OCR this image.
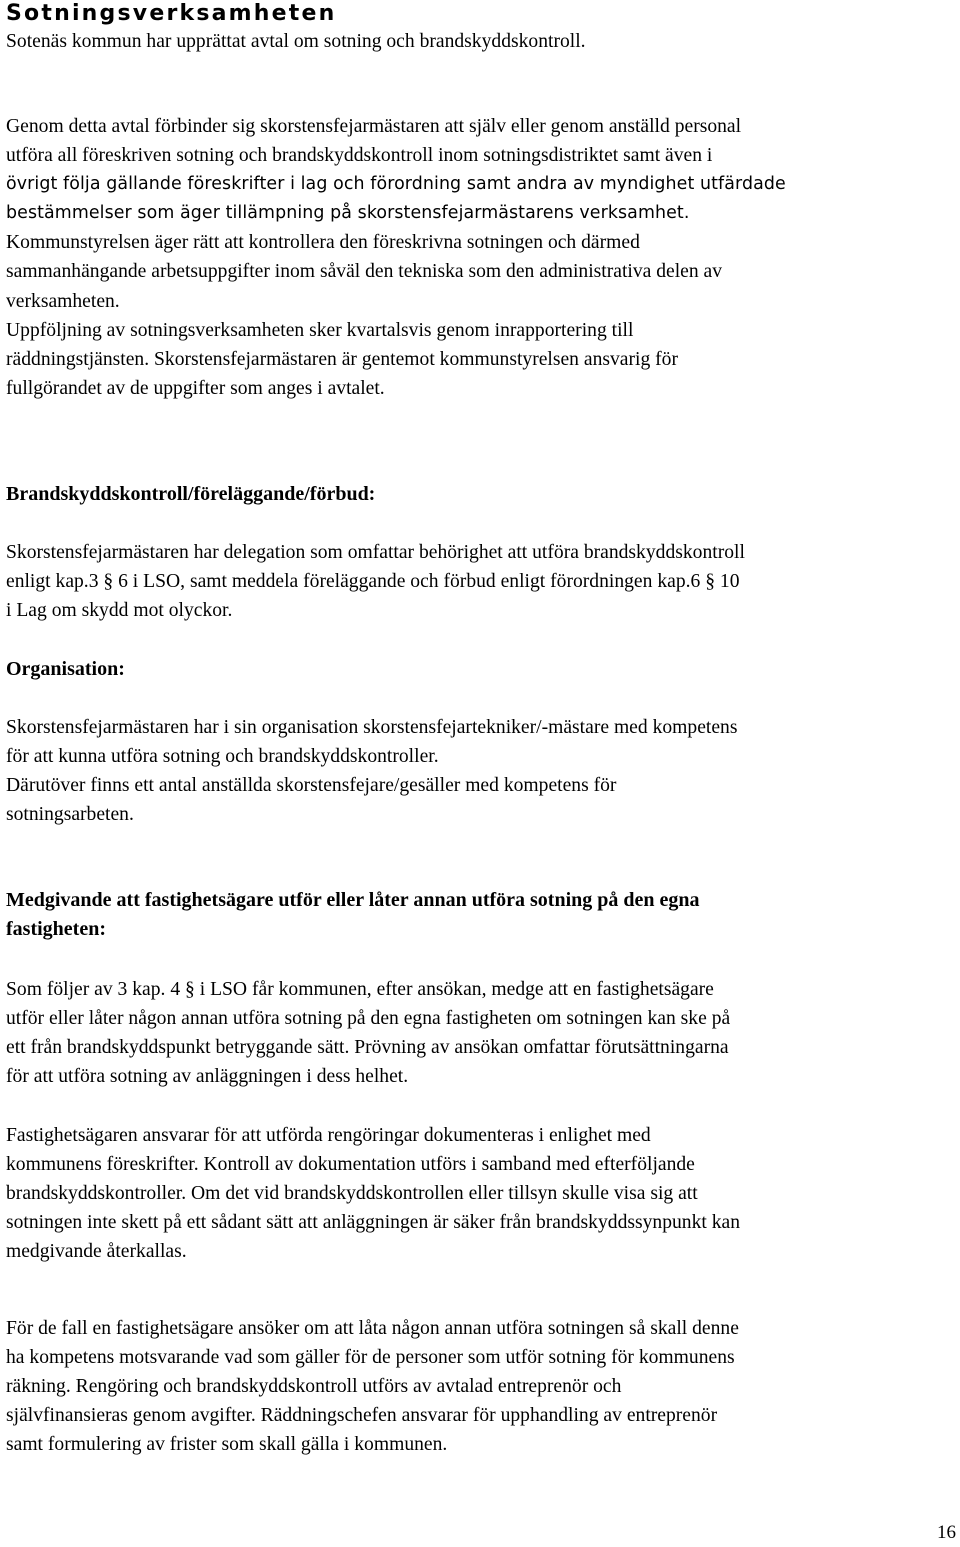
Sotningsverksamheten

Sotenäs kommun har upprättat avtal om sotning och brandskyddskontroll.

Genom detta avtal förbinder sig skorstensfejarmästaren att själv eller genom anställd personal
utföra all föreskriven sotning och brandskyddskontroll inom sotningsdistriktet samt även i
övrigt följa gällande föreskrifter i lag och förordning samt andra av myndighet utfärdade
bestämmelser som äger tillämpning på skorstensfejarmästarens verksamhet.
Kommunstyrelsen äger rätt att kontrollera den föreskrivna sotningen och därmed
sammanhängande arbetsuppgifter inom såväl den tekniska som den administrativa delen av
verksamheten.
Uppföljning av sotningsverksamheten sker kvartalsvis genom inrapportering till
räddningstjänsten. Skorstensfejarmästaren är gentemot kommunstyrelsen ansvarig för
fullgörandet av de uppgifter som anges i avtalet.
Brandskyddskontroll/föreläggande/förbud:
Skorstensfejarmästaren har delegation som omfattar behörighet att utföra brandskyddskontroll
enligt kap.3 § 6 i LSO, samt meddela föreläggande och förbud enligt förordningen kap.6 § 10
i Lag om skydd mot olyckor.
Organisation:
Skorstensfejarmästaren har i sin organisation skorstensfejartekniker/-mästare med kompetens
för att kunna utföra sotning och brandskyddskontroller.
Därutöver finns ett antal anställda skorstensfejare/gesäller med kompetens för
sotningsarbeten.
Medgivande att fastighetsägare utför eller låter annan utföra sotning på den egna
fastigheten:
Som följer av 3 kap. 4 § i LSO får kommunen, efter ansökan, medge att en fastighetsägare
utför eller låter någon annan utföra sotning på den egna fastigheten om sotningen kan ske på
ett från brandskyddspunkt betryggande sätt. Prövning av ansökan omfattar förutsättningarna
för att utföra sotning av anläggningen i dess helhet.
Fastighetsägaren ansvarar för att utförda rengöringar dokumenteras i enlighet med
kommunens föreskrifter. Kontroll av dokumentation utförs i samband med efterföljande
brandskyddskontroller. Om det vid brandskyddskontrollen eller tillsyn skulle visa sig att
sotningen inte skett på ett sådant sätt att anläggningen är säker från brandskyddssynpunkt kan
medgivande återkallas.
För de fall en fastighetsägare ansöker om att låta någon annan utföra sotningen så skall denne
ha kompetens motsvarande vad som gäller för de personer som utför sotning för kommunens
räkning. Rengöring och brandskyddskontroll utförs av avtalad entreprenör och
självfinansieras genom avgifter. Räddningschefen ansvarar för upphandling av entreprenör
samt formulering av frister som skall gälla i kommunen.
16
